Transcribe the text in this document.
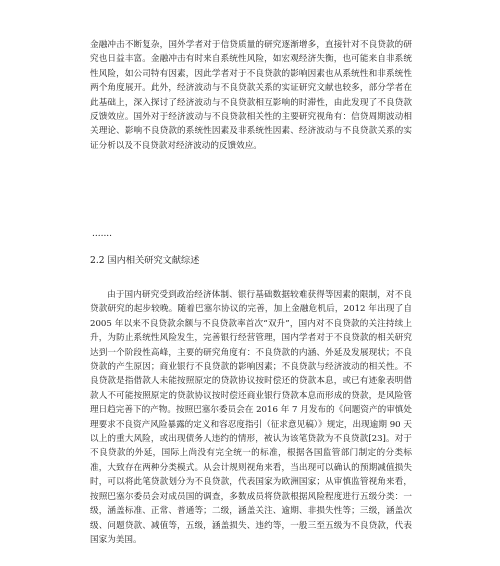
金融冲击不断复杂，国外学者对于信贷质量的研究逐渐增多，直接针对不良贷款的研究也日益丰富。金融冲击有时来自系统性风险，如宏观经济失衡，也可能来自非系统性风险，如公司特有因素，因此学者对于不良贷款的影响因素也从系统性和非系统性两个角度展开。此外，经济波动与不良贷款关系的实证研究文献也较多，部分学者在此基础上，深入探讨了经济波动与不良贷款相互影响的时滞性，由此发现了不良贷款反馈效应。国外对于经济波动与不良贷款相关性的主要研究视角有：信贷周期波动相关理论、影响不良贷款的系统性因素及非系统性因素、经济波动与不良贷款关系的实证分析以及不良贷款对经济波动的反馈效应。

.......

2.2 国内相关研究文献综述

由于国内研究受到政治经济体制、银行基础数据较难获得等因素的限制，对不良贷款研究的起步较晚。随着巴塞尔协议的完善，加上金融危机后，2012 年出现了自 2005 年以来不良贷款余额与不良贷款率首次“双升”，国内对不良贷款的关注持续上升，为防止系统性风险发生，完善银行经营管理，国内学者对于不良贷款的相关研究达到一个阶段性高峰，主要的研究角度有：不良贷款的内涵、外延及发展现状；不良贷款的产生原因；商业银行不良贷款的影响因素；不良贷款与经济波动的相关性。不良贷款是指借款人未能按照原定的贷款协议按时偿还的贷款本息，或已有迹象表明借款人不可能按照原定的贷款协议按时偿还商业银行贷款本息而形成的贷款，是风险管理日趋完善下的产物。按照巴塞尔委员会在 2016 年 7 月发布的《问题资产的审慎处理要求不良资产风险暴露的定义和容忍度指引（征求意见稿）》规定，出现逾期 90 天以上的重大风险，或出现债务人违约的情形，被认为该笔贷款为不良贷款[23]。对于不良贷款的外延，国际上尚没有完全统一的标准，根据各国监管部门制定的分类标准，大致存在两种分类模式。从会计规则视角来看，当出现可以确认的预期减值损失时，可以将此笔贷款划分为不良贷款，代表国家为欧洲国家；从审慎监管视角来看，按照巴塞尔委员会对成员国的调查，多数成员将贷款根据风险程度进行五级分类：一级，涵盖标准、正常、普通等；二级，涵盖关注、逾期、非损失性等；三级，涵盖次级、问题贷款、减值等，五级，涵盖损失、违约等，一般三至五级为不良贷款，代表国家为美国。
